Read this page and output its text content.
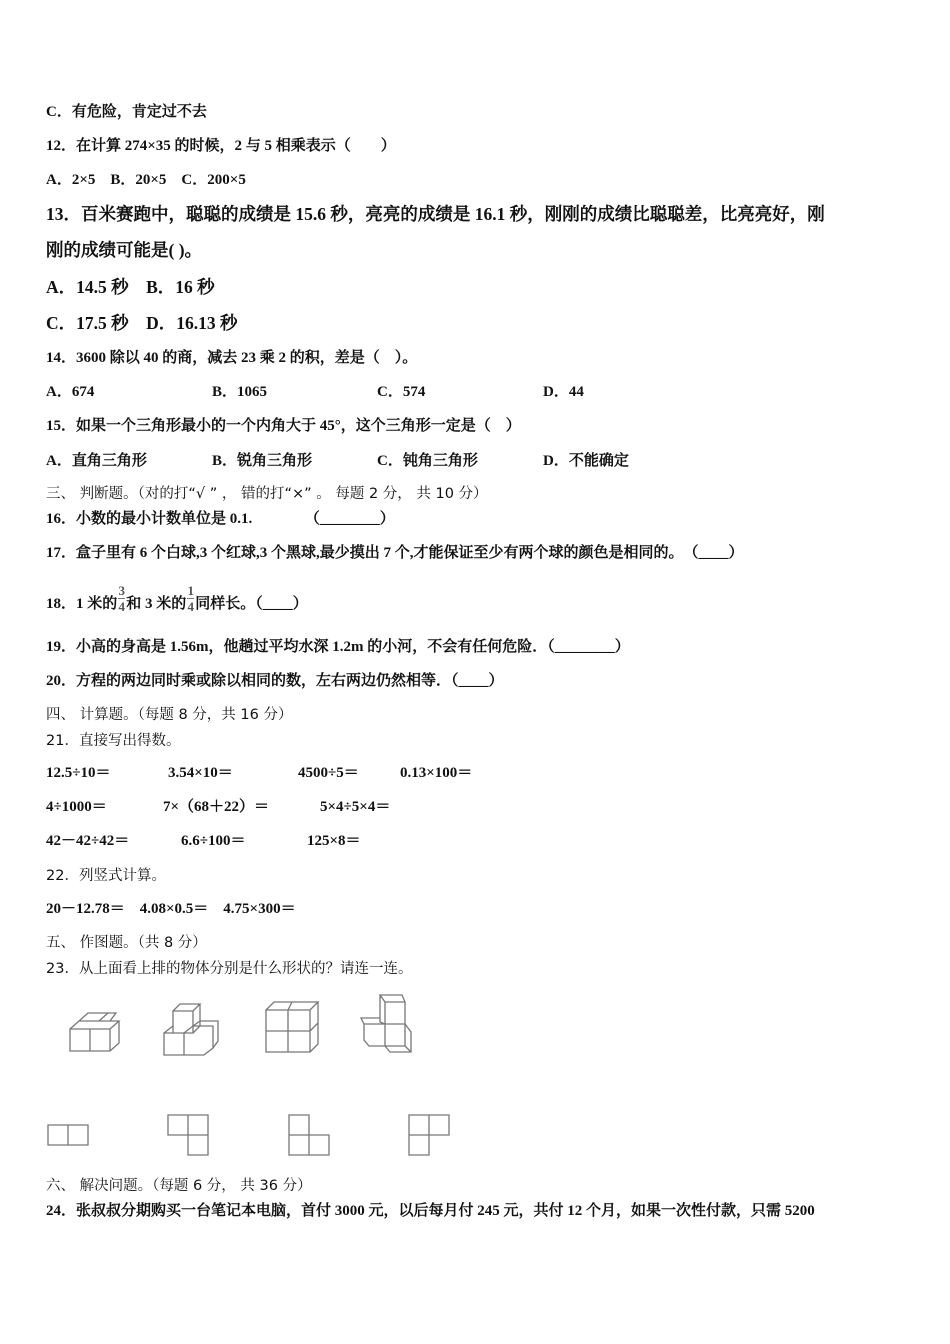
C．有危险，肯定过不去
12．在计算 274×35 的时候，2 与 5 相乘表示（　　）
A．2×5　B．20×5　C．200×5
13．百米赛跑中，聪聪的成绩是 15.6 秒，亮亮的成绩是 16.1 秒，刚刚的成绩比聪聪差，比亮亮好，刚
刚的成绩可能是( )。
A．14.5 秒　B．16 秒
C．17.5 秒　D．16.13 秒
14．3600 除以 40 的商，减去 23 乘 2 的积，差是（　）。
A．674	B．1065	C．574	D．44
15．如果一个三角形最小的一个内角大于 45°，这个三角形一定是（　）
A．直角三角形	B．锐角三角形	C．钝角三角形	D．不能确定
三、 判断题。（对的打“√ ” ， 错的打“×” 。 每题 2 分， 共 10 分）
16．小数的最小计数单位是 0.1.　　　　（________）
17．盒子里有 6 个白球,3 个红球,3 个黑球,最少摸出 7 个,才能保证至少有两个球的颜色是相同的。　（____）
18．1 米的 $\frac{3}{4}$ 和 3 米的 $\frac{1}{4}$ 同样长。（____）
19．小高的身高是 1.56m，他趟过平均水深 1.2m 的小河，不会有任何危险．（________）
20．方程的两边同时乘或除以相同的数，左右两边仍然相等．（____）
四、 计算题。（每题 8 分，共 16 分）
21．直接写出得数。
12.5÷10＝	3.54×10＝	4500÷5＝	0.13×100＝
4÷1000＝	7×（68＋22）＝	5×4÷5×4＝
42－42÷42＝	6.6÷100＝	125×8＝
22．列竖式计算。
20－12.78＝　4.08×0.5＝　4.75×300＝
五、 作图题。（共 8 分）
23．从上面看上排的物体分别是什么形状的？请连一连。
六、 解决问题。（每题 6 分， 共 36 分）
24．张叔叔分期购买一台笔记本电脑，首付 3000 元，以后每月付 245 元，共付 12 个月，如果一次性付款，只需 5200
